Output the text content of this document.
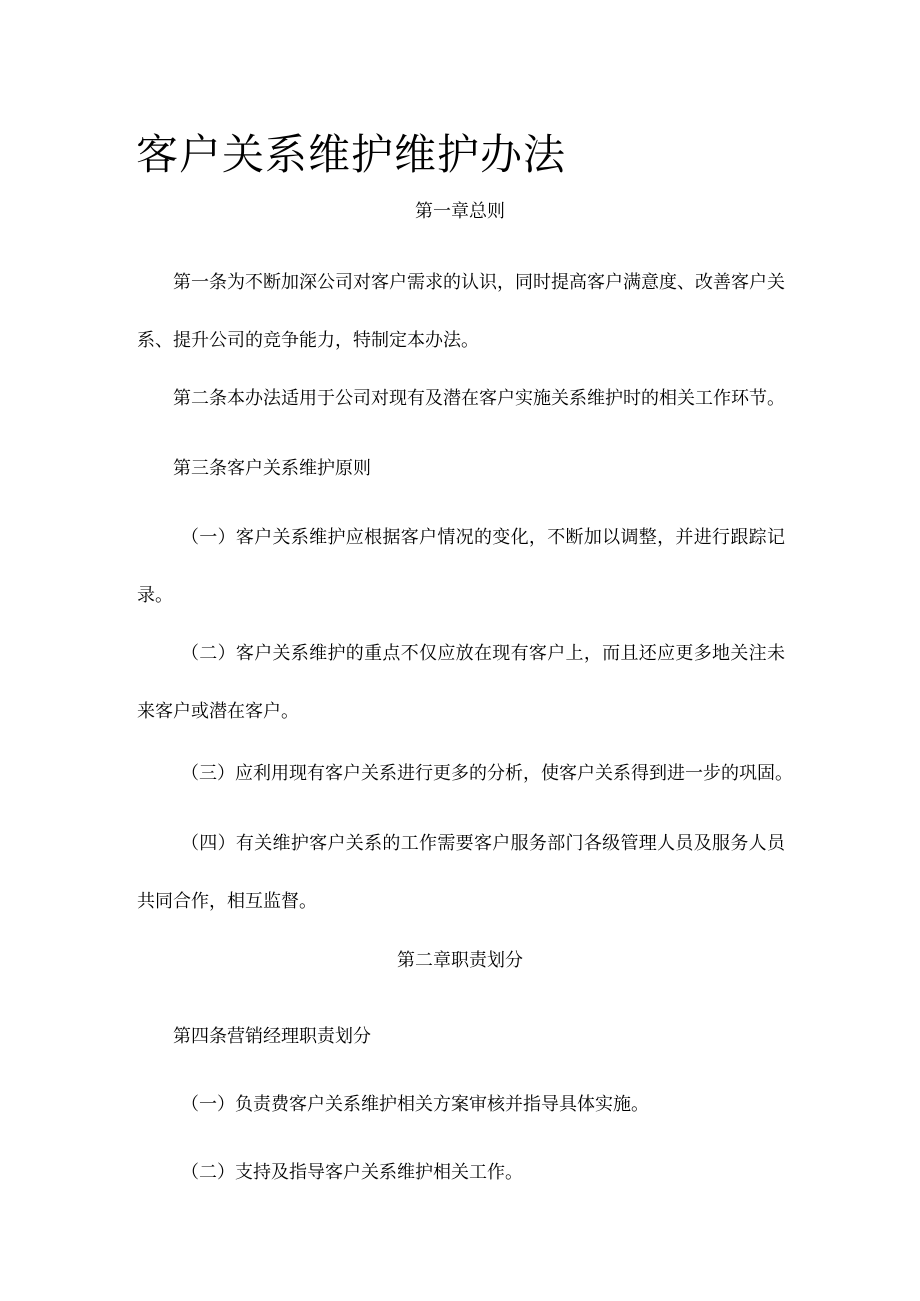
客户关系维护维护办法
第一章总则
第一条为不断加深公司对客户需求的认识，同时提高客户满意度、改善客户关系、提升公司的竞争能力，特制定本办法。
第二条本办法适用于公司对现有及潜在客户实施关系维护时的相关工作环节。
第三条客户关系维护原则
（一）客户关系维护应根据客户情况的变化，不断加以调整，并进行跟踪记录。
（二）客户关系维护的重点不仅应放在现有客户上，而且还应更多地关注未来客户或潜在客户。
（三）应利用现有客户关系进行更多的分析，使客户关系得到进一步的巩固。
（四）有关维护客户关系的工作需要客户服务部门各级管理人员及服务人员共同合作，相互监督。
第二章职责划分
第四条营销经理职责划分
（一）负责费客户关系维护相关方案审核并指导具体实施。
（二）支持及指导客户关系维护相关工作。
